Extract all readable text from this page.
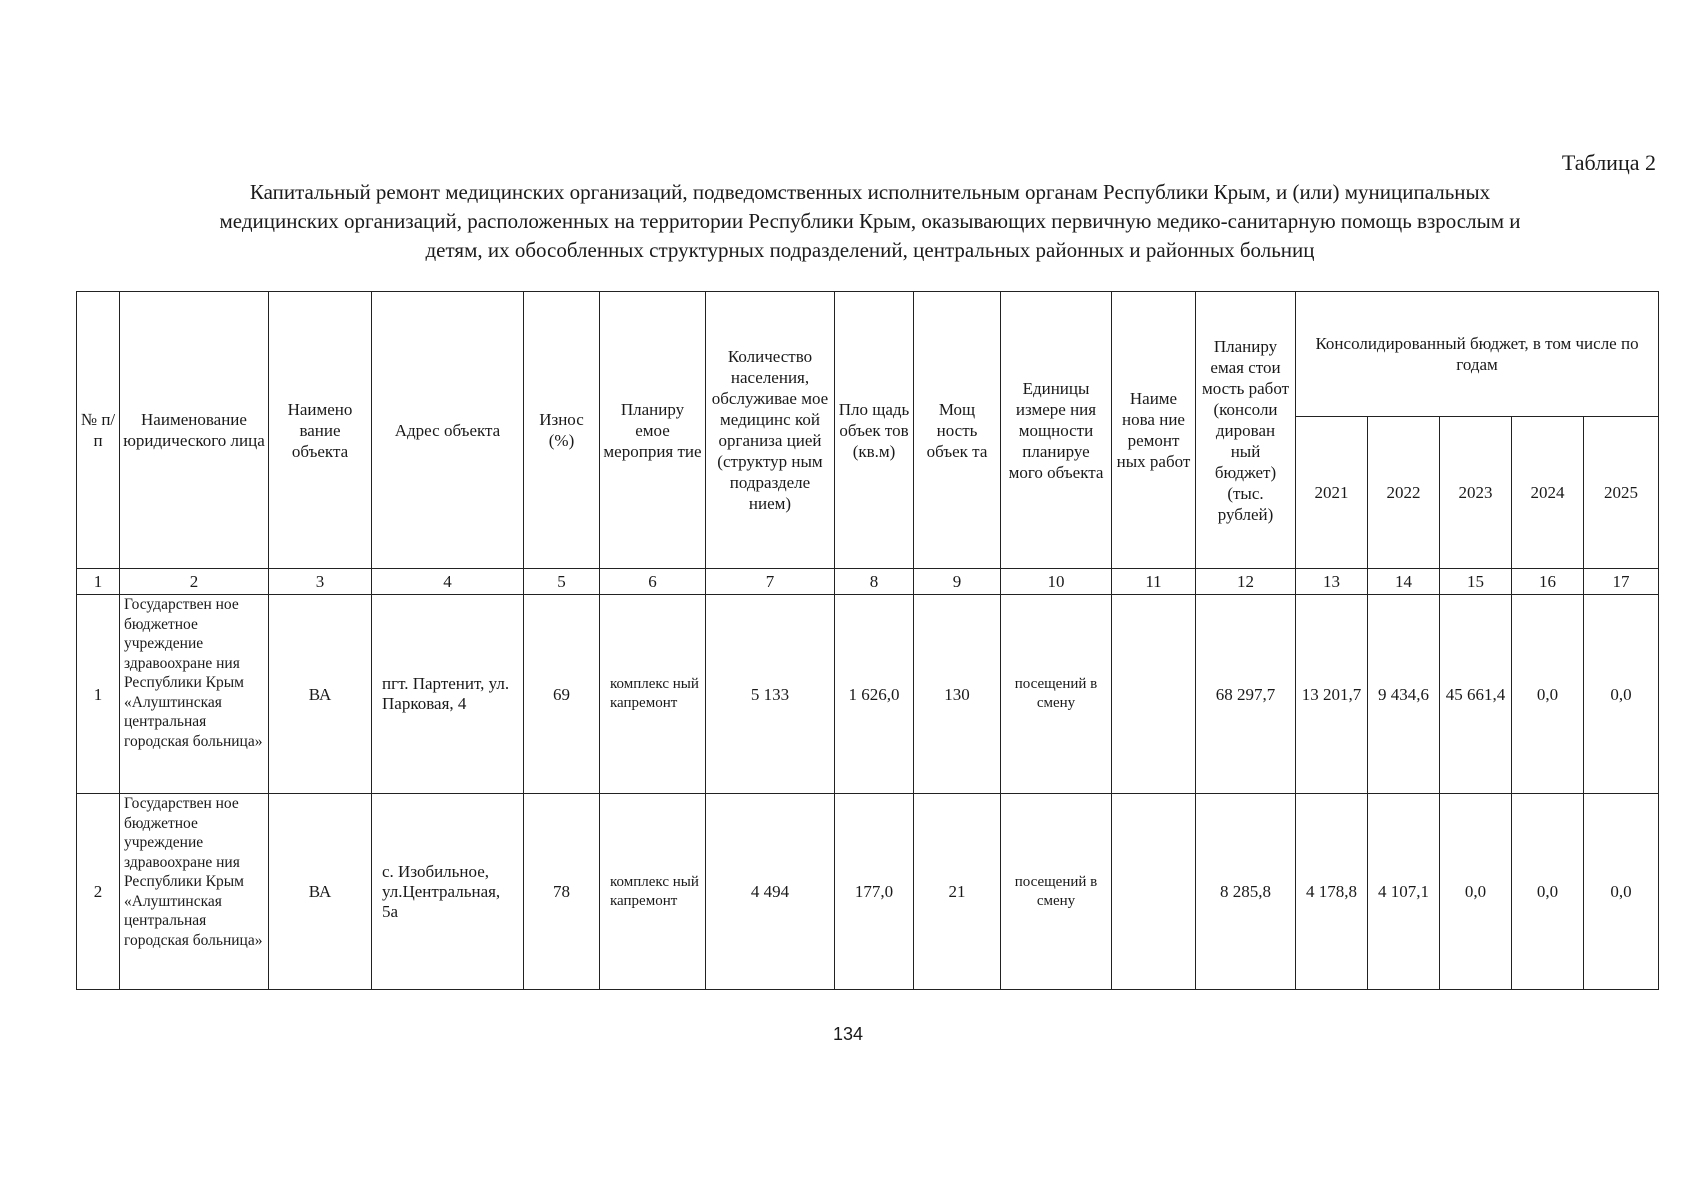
Таблица 2
Капитальный ремонт медицинских организаций, подведомственных исполнительным органам Республики Крым, и (или) муниципальных
медицинских организаций, расположенных на территории Республики Крым, оказывающих первичную медико-санитарную помощь взрослым и
детям, их обособленных структурных подразделений, центральных районных и районных больниц
№ п/п	Наименование юридического лица	Наимено вание объекта	Адрес объекта	Износ (%)	Планиру емое мероприя тие	Количество населения, обслуживае мое медицинс кой организа цией (структур ным подразделе нием)	Пло щадь объек тов (кв.м)	Мощ ность объек та	Единицы измере ния мощности планируе мого объекта	Наиме нова ние ремонт ных работ	Планиру емая стои мость работ (консоли дирован ный бюджет) (тыс. рублей)	Консолидированный бюджет, в том числе по годам				
												2021	2022	2023	2024	2025
1	2	3	4	5	6	7	8	9	10	11	12	13	14	15	16	17
1	Государствен ное бюджетное учреждение здравоохране ния Республики Крым «Алуштинская центральная городская больница»	ВА	пгт. Партенит, ул. Парковая, 4	69	комплекс ный капремонт	5 133	1 626,0	130	посещений в смену		68 297,7	13 201,7	9 434,6	45 661,4	0,0	0,0
2	Государствен ное бюджетное учреждение здравоохране ния Республики Крым «Алуштинская центральная городская больница»	ВА	с. Изобильное, ул.Центральная, 5а	78	комплекс ный капремонт	4 494	177,0	21	посещений в смену		8 285,8	4 178,8	4 107,1	0,0	0,0	0,0
134
